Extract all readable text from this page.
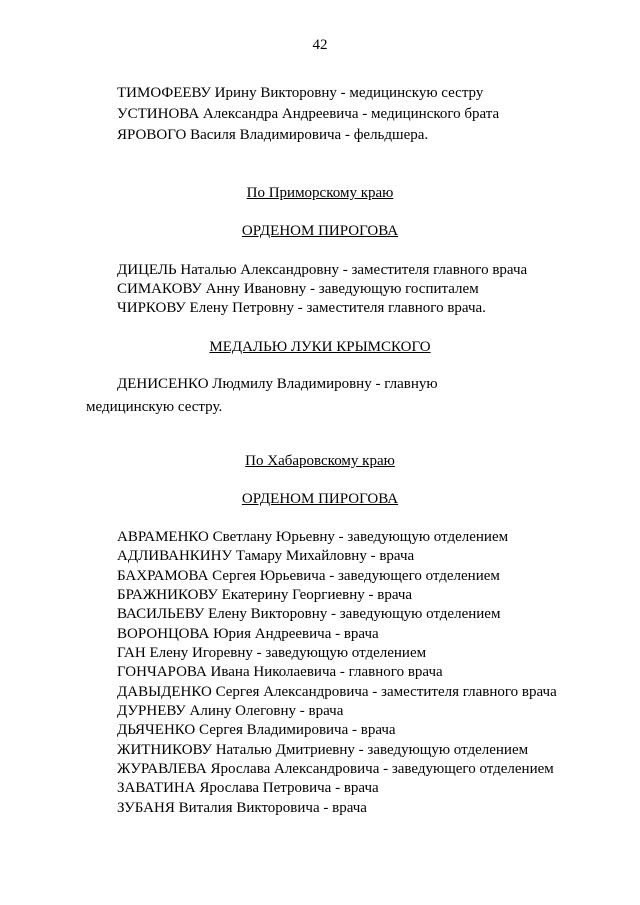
42
ТИМОФЕЕВУ Ирину Викторовну - медицинскую сестру
УСТИНОВА Александра Андреевича - медицинского брата
ЯРОВОГО Василя Владимировича - фельдшера.
По Приморскому краю
ОРДЕНОМ ПИРОГОВА
ДИЦЕЛЬ Наталью Александровну - заместителя главного врача
СИМАКОВУ Анну Ивановну - заведующую госпиталем
ЧИРКОВУ Елену Петровну - заместителя главного врача.
МЕДАЛЬЮ ЛУКИ КРЫМСКОГО
ДЕНИСЕНКО Людмилу Владимировну - главную медицинскую сестру.
По Хабаровскому краю
ОРДЕНОМ ПИРОГОВА
АВРАМЕНКО Светлану Юрьевну - заведующую отделением
АДЛИВАНКИНУ Тамару Михайловну - врача
БАХРАМОВА Сергея Юрьевича - заведующего отделением
БРАЖНИКОВУ Екатерину Георгиевну - врача
ВАСИЛЬЕВУ Елену Викторовну - заведующую отделением
ВОРОНЦОВА Юрия Андреевича - врача
ГАН Елену Игоревну - заведующую отделением
ГОНЧАРОВА Ивана Николаевича - главного врача
ДАВЫДЕНКО Сергея Александровича - заместителя главного врача
ДУРНЕВУ Алину Олеговну - врача
ДЬЯЧЕНКО Сергея Владимировича - врача
ЖИТНИКОВУ Наталью Дмитриевну - заведующую отделением
ЖУРАВЛЕВА Ярослава Александровича - заведующего отделением
ЗАВАТИНА Ярослава Петровича - врача
ЗУБАНЯ Виталия Викторовича - врача
